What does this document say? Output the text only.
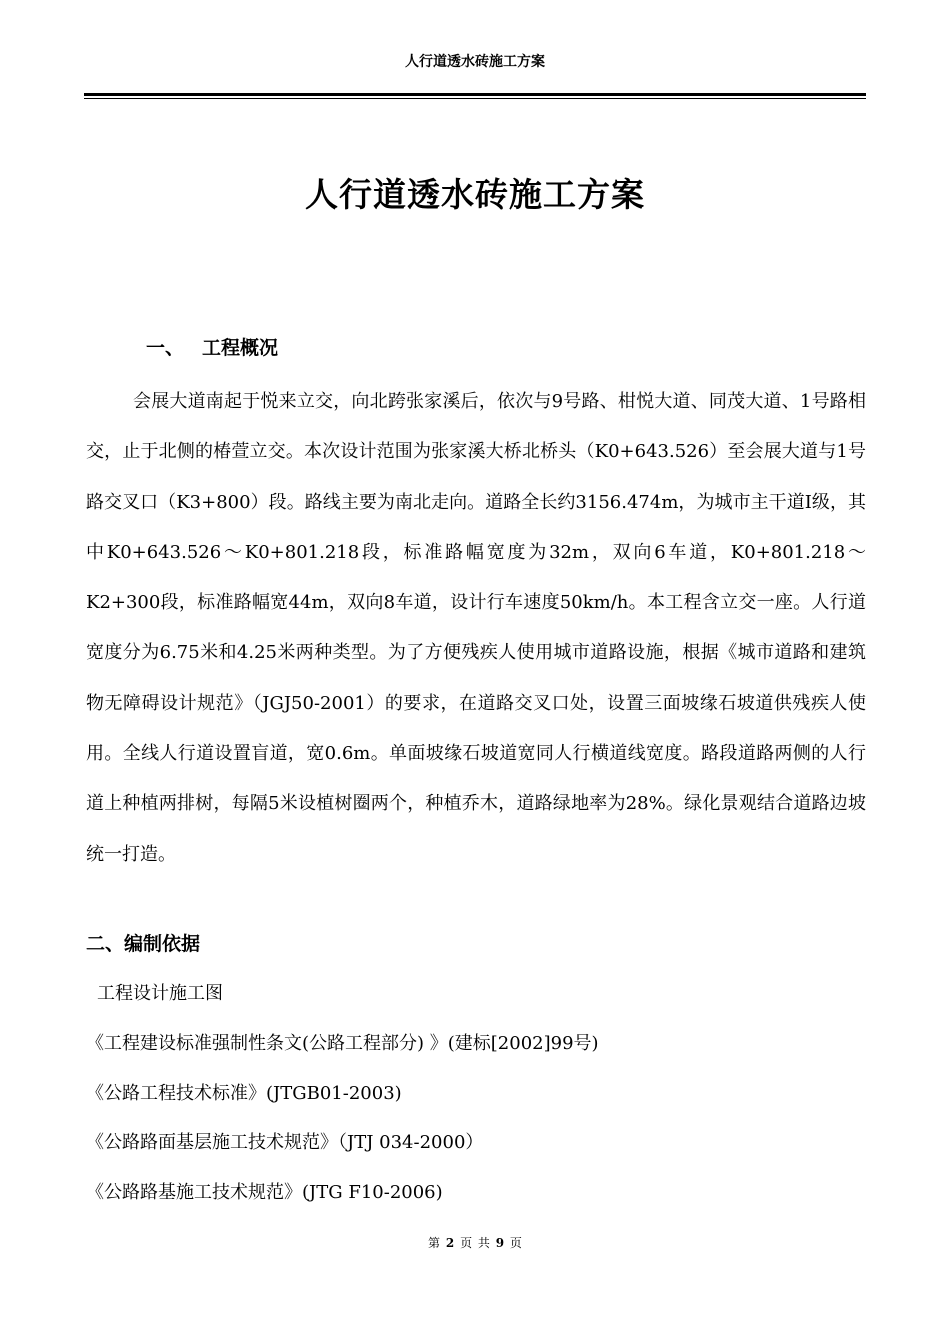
人行道透水砖施工方案
人行道透水砖施工方案
一、 工程概况

会展大道南起于悦来立交，向北跨张家溪后，依次与9号路、柑悦大道、同茂大道、1号路相交，止于北侧的椿萱立交。本次设计范围为张家溪大桥北桥头（K0+643.526）至会展大道与1号路交叉口（K3+800）段。路线主要为南北走向。道路全长约3156.474m，为城市主干道Ⅰ级，其中K0+643.526～K0+801.218段，标准路幅宽度为32m，双向6车道，K0+801.218～K2+300段，标准路幅宽44m，双向8车道，设计行车速度50km/h。本工程含立交一座。人行道宽度分为6.75米和4.25米两种类型。为了方便残疾人使用城市道路设施，根据《城市道路和建筑物无障碍设计规范》（JGJ50-2001）的要求，在道路交叉口处，设置三面坡缘石坡道供残疾人使用。全线人行道设置盲道，宽0.6m。单面坡缘石坡道宽同人行横道线宽度。路段道路两侧的人行道上种植两排树，每隔5米设植树圈两个，种植乔木，道路绿地率为28%。绿化景观结合道路边坡统一打造。

二、编制依据
工程设计施工图
《工程建设标准强制性条文(公路工程部分) 》(建标[2002]99号)
《公路工程技术标准》(JTGB01-2003)
《公路路面基层施工技术规范》（JTJ 034-2000）
《公路路基施工技术规范》(JTG F10-2006)
第 2 页 共 9 页
